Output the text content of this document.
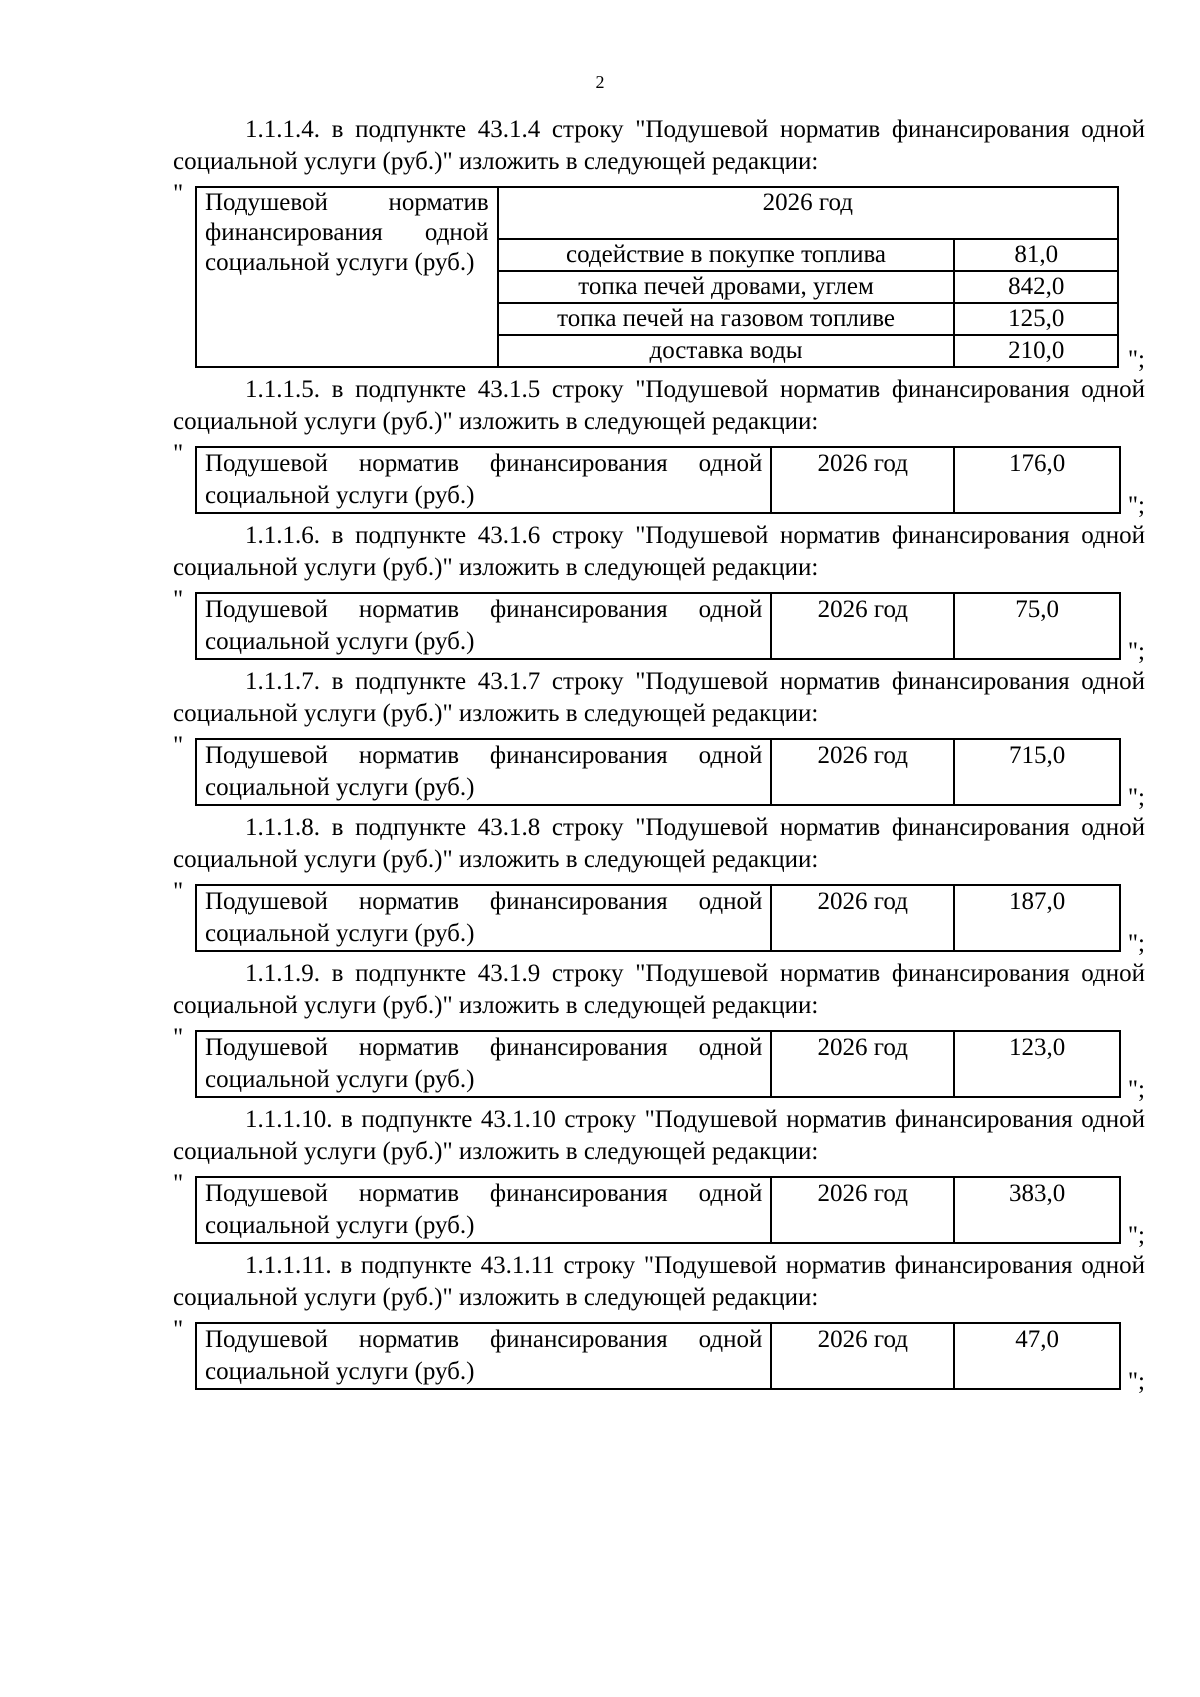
2

1.1.1.4. в подпункте 43.1.4 строку "Подушевой норматив финансирования одной социальной услуги (руб.)" изложить в следующей редакции:

" Подушевой норматив финансирования одной социальной услуги (руб.)	2026 год	
	содействие в покупке топлива	81,0
	топка печей дровами, углем	842,0
	топка печей на газовом топливе	125,0
	доставка воды	210,0	";

1.1.1.5. в подпункте 43.1.5 строку "Подушевой норматив финансирования одной социальной услуги (руб.)" изложить в следующей редакции:

" Подушевой норматив финансирования одной социальной услуги (руб.)	2026 год	176,0
";

1.1.1.6. в подпункте 43.1.6 строку "Подушевой норматив финансирования одной социальной услуги (руб.)" изложить в следующей редакции:

" Подушевой норматив финансирования одной социальной услуги (руб.)	2026 год	75,0
";

1.1.1.7. в подпункте 43.1.7 строку "Подушевой норматив финансирования одной социальной услуги (руб.)" изложить в следующей редакции:

" Подушевой норматив финансирования одной социальной услуги (руб.)	2026 год	715,0
";

1.1.1.8. в подпункте 43.1.8 строку "Подушевой норматив финансирования одной социальной услуги (руб.)" изложить в следующей редакции:

" Подушевой норматив финансирования одной социальной услуги (руб.)	2026 год	187,0
";

1.1.1.9. в подпункте 43.1.9 строку "Подушевой норматив финансирования одной социальной услуги (руб.)" изложить в следующей редакции:

" Подушевой норматив финансирования одной социальной услуги (руб.)	2026 год	123,0
";

1.1.1.10. в подпункте 43.1.10 строку "Подушевой норматив финансирования одной социальной услуги (руб.)" изложить в следующей редакции:

" Подушевой норматив финансирования одной социальной услуги (руб.)	2026 год	383,0
";

1.1.1.11. в подпункте 43.1.11 строку "Подушевой норматив финансирования одной социальной услуги (руб.)" изложить в следующей редакции:

" Подушевой норматив финансирования одной социальной услуги (руб.)	2026 год	47,0
";
